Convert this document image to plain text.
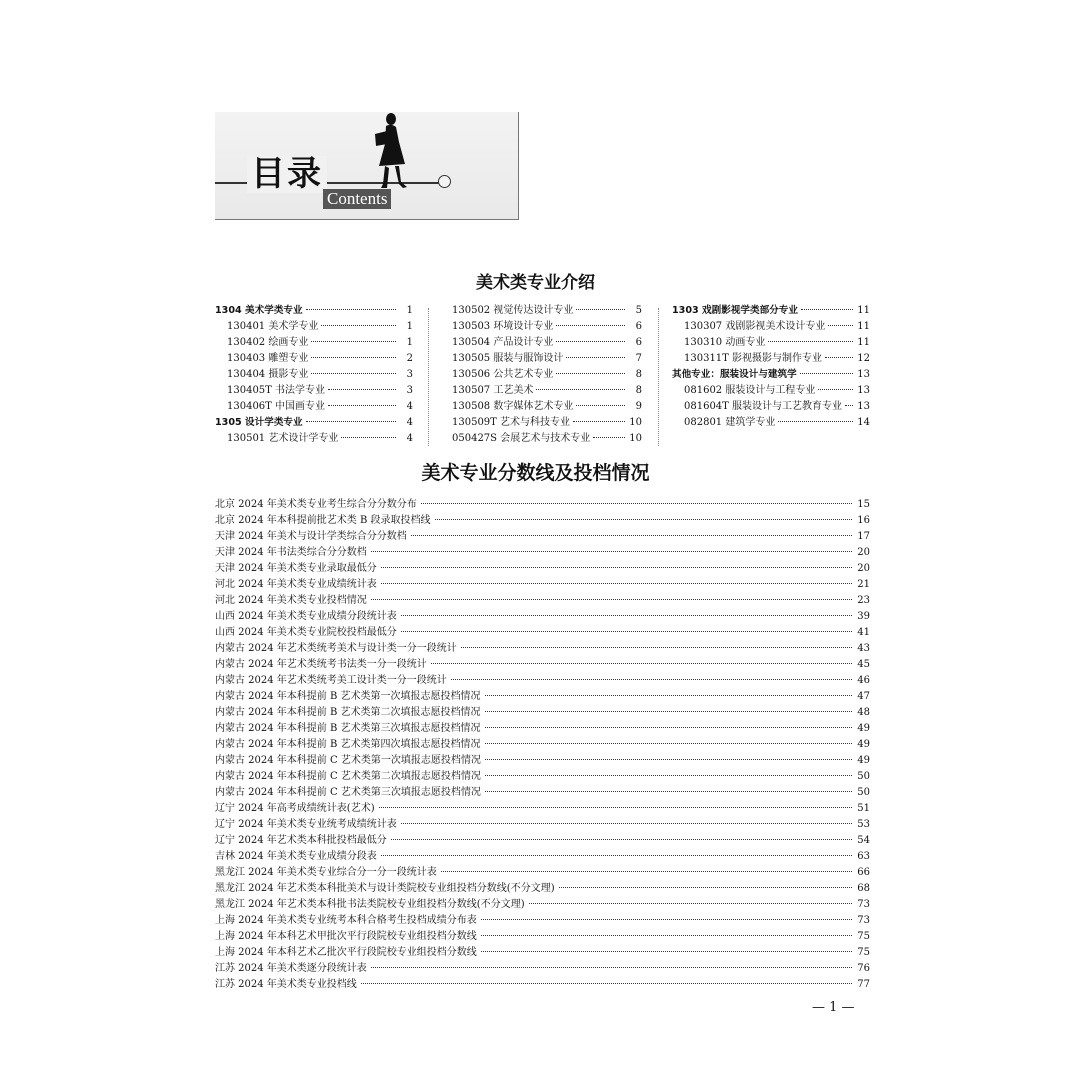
目录
Contents
美术类专业介绍
1304 美术学类专业	1
130401 美术学专业	1
130402 绘画专业	1
130403 雕塑专业	2
130404 摄影专业	3
130405T 书法学专业	3
130406T 中国画专业	4
1305 设计学类专业	4
130501 艺术设计学专业	4
130502 视觉传达设计专业	5
130503 环境设计专业	6
130504 产品设计专业	6
130505 服装与服饰设计	7
130506 公共艺术专业	8
130507 工艺美术	8
130508 数字媒体艺术专业	9
130509T 艺术与科技专业	10
050427S 会展艺术与技术专业	10
1303 戏剧影视学类部分专业	11
130307 戏剧影视美术设计专业	11
130310 动画专业	11
130311T 影视摄影与制作专业	12
其他专业：服装设计与建筑学	13
081602 服装设计与工程专业	13
081604T 服装设计与工艺教育专业 13
082801 建筑学专业	14
美术专业分数线及投档情况
北京 2024 年美术类专业考生综合分分数分布	15
北京 2024 年本科提前批艺术类 B 段录取投档线	16
天津 2024 年美术与设计学类综合分分数档	17
天津 2024 年书法类综合分分数档	20
天津 2024 年美术类专业录取最低分	20
河北 2024 年美术类专业成绩统计表	21
河北 2024 年美术类专业投档情况	23
山西 2024 年美术类专业成绩分段统计表	39
山西 2024 年美术类专业院校投档最低分	41
内蒙古 2024 年艺术类统考美术与设计类一分一段统计	43
内蒙古 2024 年艺术类统考书法类一分一段统计	45
内蒙古 2024 年艺术类统考美工设计类一分一段统计	46
内蒙古 2024 年本科提前 B 艺术类第一次填报志愿投档情况	47
内蒙古 2024 年本科提前 B 艺术类第二次填报志愿投档情况	48
内蒙古 2024 年本科提前 B 艺术类第三次填报志愿投档情况	49
内蒙古 2024 年本科提前 B 艺术类第四次填报志愿投档情况	49
内蒙古 2024 年本科提前 C 艺术类第一次填报志愿投档情况	49
内蒙古 2024 年本科提前 C 艺术类第二次填报志愿投档情况	50
内蒙古 2024 年本科提前 C 艺术类第三次填报志愿投档情况	50
辽宁 2024 年高考成绩统计表(艺术)	51
辽宁 2024 年美术类专业统考成绩统计表	53
辽宁 2024 年艺术类本科批投档最低分	54
吉林 2024 年美术类专业成绩分段表	63
黑龙江 2024 年美术类专业综合分一分一段统计表	66
黑龙江 2024 年艺术类本科批美术与设计类院校专业组投档分数线(不分文理)	68
黑龙江 2024 年艺术类本科批书法类院校专业组投档分数线(不分文理)	73
上海 2024 年美术类专业统考本科合格考生投档成绩分布表	73
上海 2024 年本科艺术甲批次平行段院校专业组投档分数线	75
上海 2024 年本科艺术乙批次平行段院校专业组投档分数线	75
江苏 2024 年美术类逐分段统计表	76
江苏 2024 年美术类专业投档线	77
— 1 —
